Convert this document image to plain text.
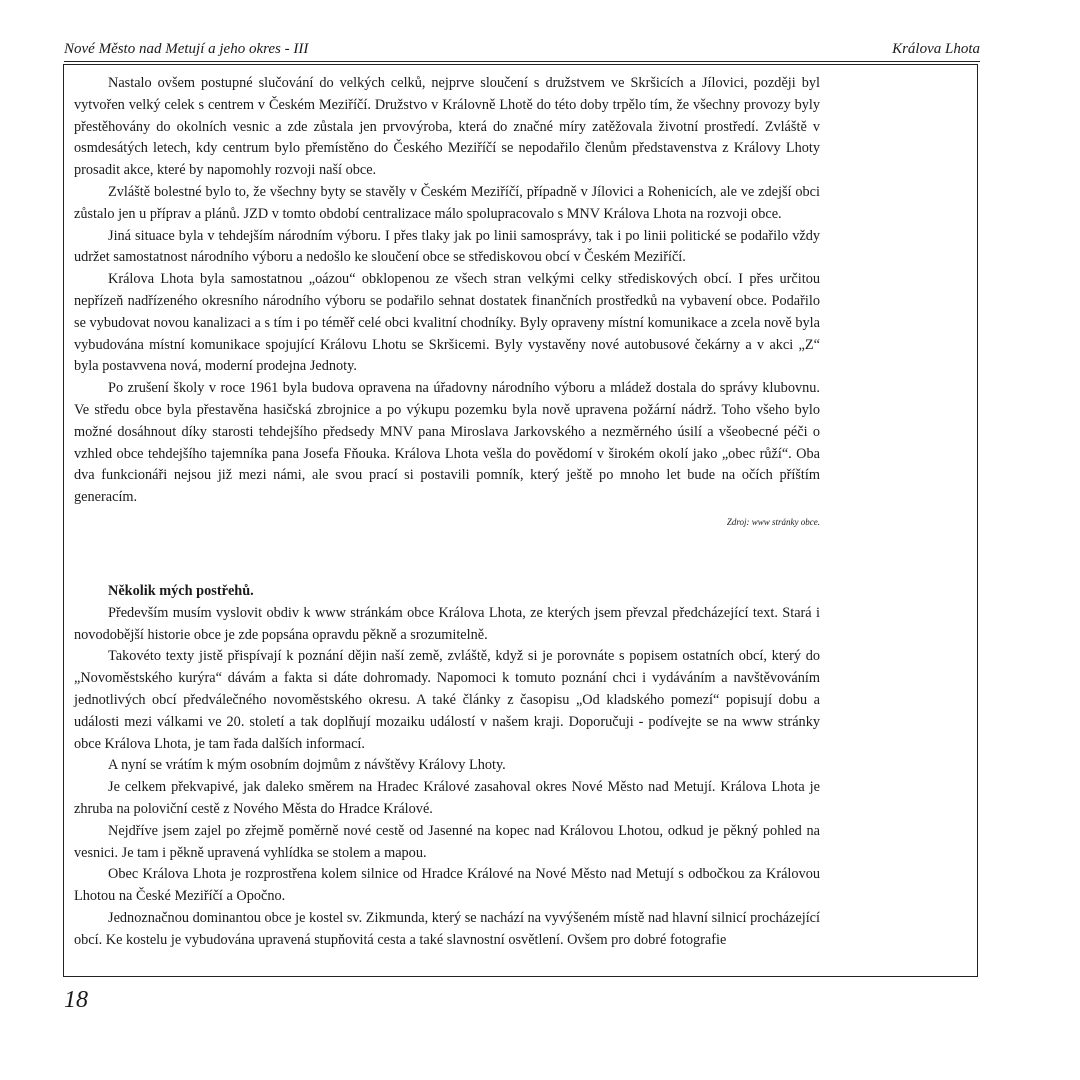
Nové Město nad Metují a jeho okres - III	Králova Lhota

Nastalo ovšem postupné slučování do velkých celků, nejprve sloučení s družstvem ve Skršicích a Jílovici, později byl vytvořen velký celek s centrem v Českém Meziříčí. Družstvo v Královně Lhotě do této doby trpělo tím, že všechny provozy byly přestěhovány do okolních vesnic a zde zůstala jen prvovýroba, která do značné míry zatěžovala životní prostředí. Zvláště v osmdesátých letech, kdy centrum bylo přemístěno do Českého Meziříčí se nepodařilo členům představenstva z Královy Lhoty prosadit akce, které by napomohly rozvoji naší obce.

Zvláště bolestné bylo to, že všechny byty se stavěly v Českém Meziříčí, případně v Jílovici a Rohenicích, ale ve zdejší obci zůstalo jen u příprav a plánů. JZD v tomto období centralizace málo spolupracovalo s MNV Králova Lhota na rozvoji obce.

Jiná situace byla v tehdejším národním výboru. I přes tlaky jak po linii samosprávy, tak i po linii politické se podařilo vždy udržet samostatnost národního výboru a nedošlo ke sloučení obce se střediskovou obcí v Českém Meziříčí.

Králova Lhota byla samostatnou „oázou“ obklopenou ze všech stran velkými celky střediskových obcí. I přes určitou nepřízeň nadřízeného okresního národního výboru se podařilo sehnat dostatek finančních prostředků na vybavení obce. Podařilo se vybudovat novou kanalizaci a s tím i po téměř celé obci kvalitní chodníky. Byly opraveny místní komunikace a zcela nově byla vybudována místní komunikace spojující Královu Lhotu se Skršicemi. Byly vystavěny nové autobusové čekárny a v akci „Z“ byla postavvena nová, moderní prodejna Jednoty.

Po zrušení školy v roce 1961 byla budova opravena na úřadovny národního výboru a mládež dostala do správy klubovnu. Ve středu obce byla přestavěna hasičská zbrojnice a po výkupu pozemku byla nově upravena požární nádrž. Toho všeho bylo možné dosáhnout díky starosti tehdejšího předsedy MNV pana Miroslava Jarkovského a nezměrného úsilí a všeobecné péči o vzhled obce tehdejšího tajemníka pana Josefa Fňouka. Králova Lhota vešla do povědomí v širokém okolí jako „obec růží“. Oba dva funkcionáři nejsou již mezi námi, ale svou prací si postavili pomník, který ještě po mnoho let bude na očích příštím generacím.

Zdroj: www stránky obce.

Několik mých postřehů.

Především musím vyslovit obdiv k www stránkám obce Králova Lhota, ze kterých jsem převzal předcházející text. Stará i novodobější historie obce je zde popsána opravdu pěkně a srozumitelně.

Takovéto texty jistě přispívají k poznání dějin naší země, zvláště, když si je porovnáte s popisem ostatních obcí, který do „Novoměstského kurýra“ dávám a fakta si dáte dohromady. Napomoci k tomuto poznání chci i vydáváním a navštěvováním jednotlivých obcí předválečného novoměstského okresu. A také články z časopisu „Od kladského pomezí“ popisují dobu a události mezi válkami ve 20. století a tak doplňují mozaiku událostí v našem kraji. Doporučuji - podívejte se na www stránky obce Králova Lhota, je tam řada dalších informací.

A nyní se vrátím k mým osobním dojmům z návštěvy Královy Lhoty.

Je celkem překvapivé, jak daleko směrem na Hradec Králové zasahoval okres Nové Město nad Metují. Králova Lhota je zhruba na poloviční cestě z Nového Města do Hradce Králové.

Nejdříve jsem zajel po zřejmě poměrně nové cestě od Jasenné na kopec nad Královou Lhotou, odkud je pěkný pohled na vesnici. Je tam i pěkně upravená vyhlídka se stolem a mapou.

Obec Králova Lhota je rozprostřena kolem silnice od Hradce Králové na Nové Město nad Metují s odbočkou za Královou Lhotou na České Meziříčí a Opočno.

Jednoznačnou dominantou obce je kostel sv. Zikmunda, který se nachází na vyvýšeném místě nad hlavní silnicí procházející obcí. Ke kostelu je vybudována upravená stupňovitá cesta a také slavnostní osvětlení. Ovšem pro dobré fotografie

18
